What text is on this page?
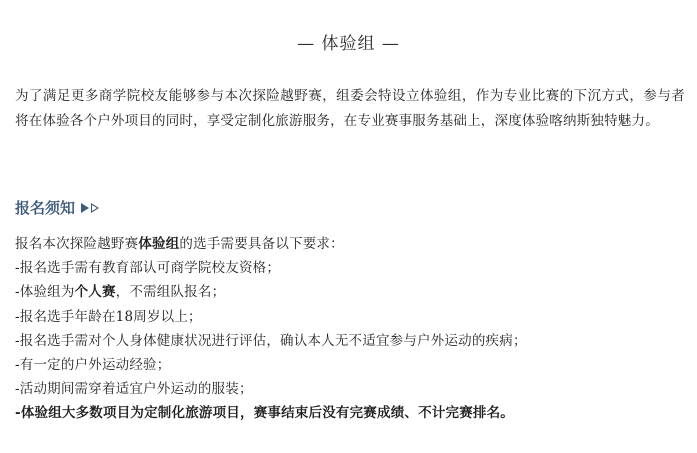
— 体验组 —
为了满足更多商学院校友能够参与本次探险越野赛，组委会特设立体验组，作为专业比赛的下沉方式，参与者将在体验各个户外项目的同时，享受定制化旅游服务，在专业赛事服务基础上，深度体验喀纳斯独特魅力。
报名须知
报名本次探险越野赛体验组的选手需要具备以下要求：
-报名选手需有教育部认可商学院校友资格；
-体验组为个人赛，不需组队报名；
-报名选手年龄在18周岁以上；
-报名选手需对个人身体健康状况进行评估，确认本人无不适宜参与户外运动的疾病；
-有一定的户外运动经验；
-活动期间需穿着适宜户外运动的服装；
-体验组大多数项目为定制化旅游项目，赛事结束后没有完赛成绩、不计完赛排名。
